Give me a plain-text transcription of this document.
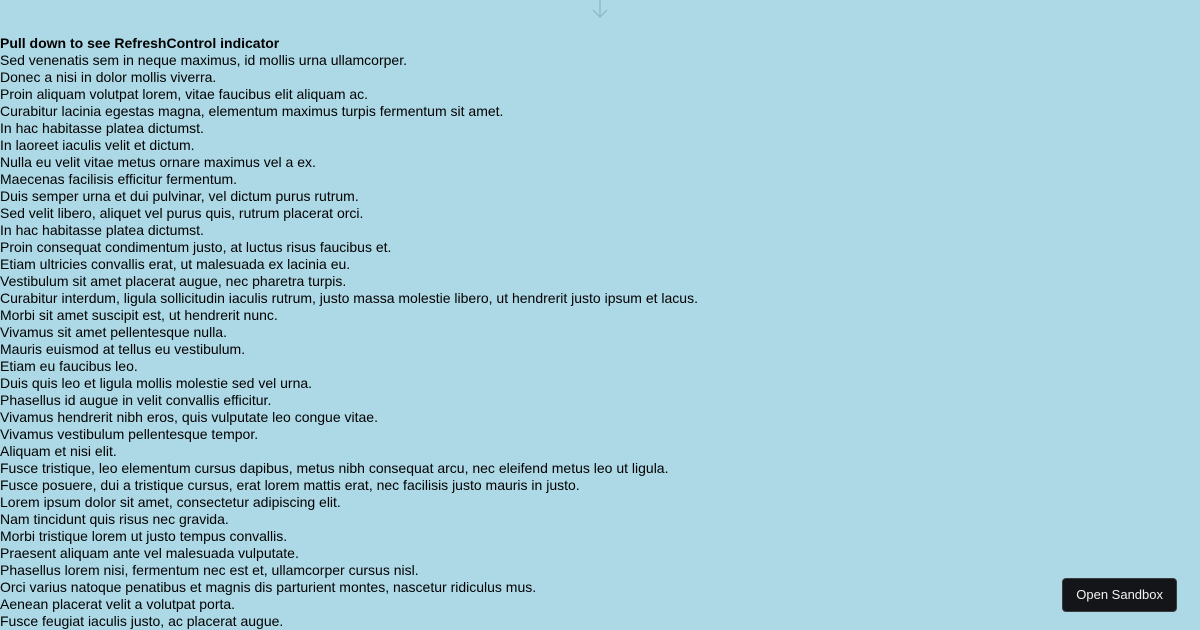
Pull down to see RefreshControl indicator
Sed venenatis sem in neque maximus, id mollis urna ullamcorper.
Donec a nisi in dolor mollis viverra.
Proin aliquam volutpat lorem, vitae faucibus elit aliquam ac.
Curabitur lacinia egestas magna, elementum maximus turpis fermentum sit amet.
In hac habitasse platea dictumst.
In laoreet iaculis velit et dictum.
Nulla eu velit vitae metus ornare maximus vel a ex.
Maecenas facilisis efficitur fermentum.
Duis semper urna et dui pulvinar, vel dictum purus rutrum.
Sed velit libero, aliquet vel purus quis, rutrum placerat orci.
In hac habitasse platea dictumst.
Proin consequat condimentum justo, at luctus risus faucibus et.
Etiam ultricies convallis erat, ut malesuada ex lacinia eu.
Vestibulum sit amet placerat augue, nec pharetra turpis.
Curabitur interdum, ligula sollicitudin iaculis rutrum, justo massa molestie libero, ut hendrerit justo ipsum et lacus.
Morbi sit amet suscipit est, ut hendrerit nunc.
Vivamus sit amet pellentesque nulla.
Mauris euismod at tellus eu vestibulum.
Etiam eu faucibus leo.
Duis quis leo et ligula mollis molestie sed vel urna.
Phasellus id augue in velit convallis efficitur.
Vivamus hendrerit nibh eros, quis vulputate leo congue vitae.
Vivamus vestibulum pellentesque tempor.
Aliquam et nisi elit.
Fusce tristique, leo elementum cursus dapibus, metus nibh consequat arcu, nec eleifend metus leo ut ligula.
Fusce posuere, dui a tristique cursus, erat lorem mattis erat, nec facilisis justo mauris in justo.
Lorem ipsum dolor sit amet, consectetur adipiscing elit.
Nam tincidunt quis risus nec gravida.
Morbi tristique lorem ut justo tempus convallis.
Praesent aliquam ante vel malesuada vulputate.
Phasellus lorem nisi, fermentum nec est et, ullamcorper cursus nisl.
Orci varius natoque penatibus et magnis dis parturient montes, nascetur ridiculus mus.
Aenean placerat velit a volutpat porta.
Fusce feugiat iaculis justo, ac placerat augue.
Open Sandbox
